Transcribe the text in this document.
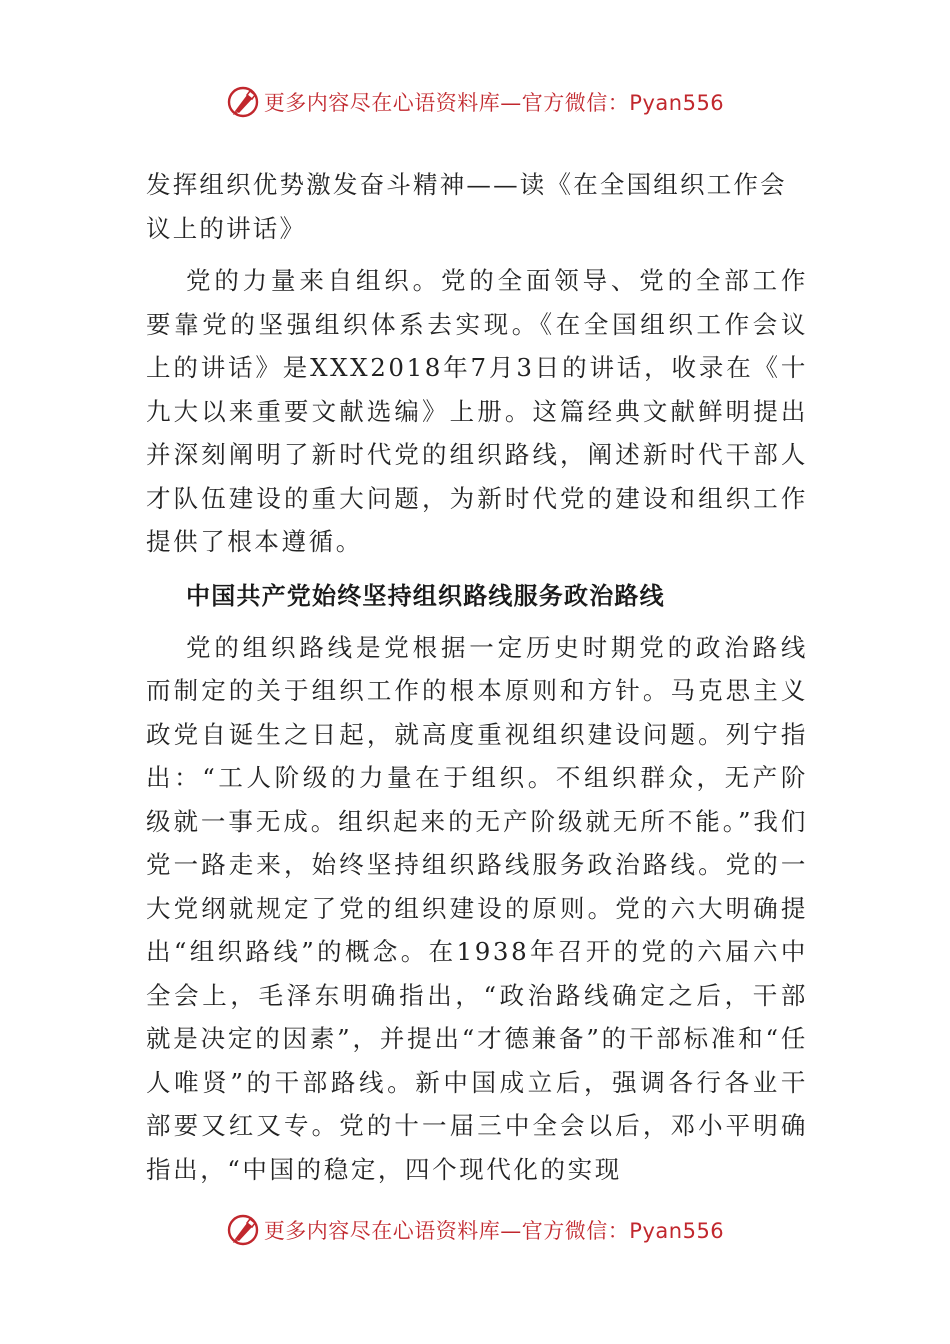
更多内容尽在心语资料库—官方微信：Pyan556
发挥组织优势激发奋斗精神——读《在全国组织工作会议上的讲话》

党的力量来自组织。党的全面领导、党的全部工作要靠党的坚强组织体系去实现。《在全国组织工作会议上的讲话》是XXX2018年7月3日的讲话，收录在《十九大以来重要文献选编》上册。这篇经典文献鲜明提出并深刻阐明了新时代党的组织路线，阐述新时代干部人才队伍建设的重大问题，为新时代党的建设和组织工作提供了根本遵循。

中国共产党始终坚持组织路线服务政治路线

党的组织路线是党根据一定历史时期党的政治路线而制定的关于组织工作的根本原则和方针。马克思主义政党自诞生之日起，就高度重视组织建设问题。列宁指出：“工人阶级的力量在于组织。不组织群众，无产阶级就一事无成。组织起来的无产阶级就无所不能。”我们党一路走来，始终坚持组织路线服务政治路线。党的一大党纲就规定了党的组织建设的原则。党的六大明确提出“组织路线”的概念。在1938年召开的党的六届六中全会上，毛泽东明确指出，“政治路线确定之后，干部就是决定的因素”，并提出“才德兼备”的干部标准和“任人唯贤”的干部路线。新中国成立后，强调各行各业干部要又红又专。党的十一届三中全会以后，邓小平明确指出，“中国的稳定，四个现代化的实现

更多内容尽在心语资料库—官方微信：Pyan556
